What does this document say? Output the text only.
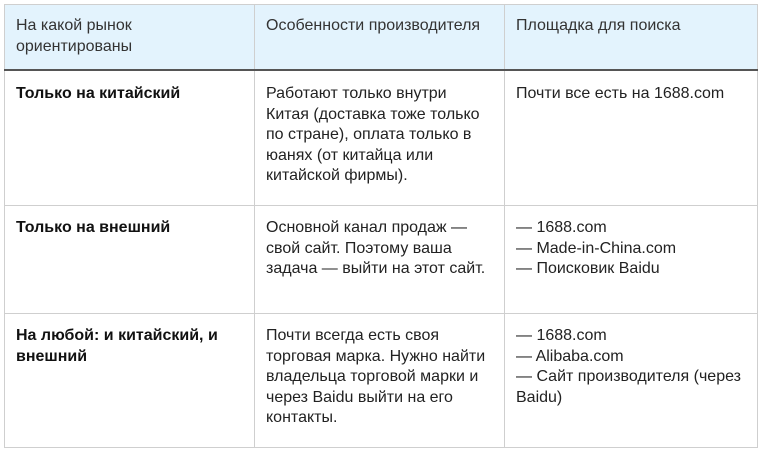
На какой рынок ориентированы	Особенности производителя	Площадка для поиска
Только на китайский	Работают только внутри Китая (доставка тоже только по стране), оплата только в юанях (от китайца или китайской фирмы).	Почти все есть на 1688.com

Только на внешний	Основной канал продаж — свой сайт. Поэтому ваша задача — выйти на этот сайт.	— 1688.com
— Made-in-China.com
— Поисковик Baidu

На любой: и китайский, и внешний	Почти всегда есть своя торговая марка. Нужно найти владельца торговой марки и через Baidu выйти на его контакты.	— 1688.com
— Alibaba.com
— Сайт производителя (через Baidu)
